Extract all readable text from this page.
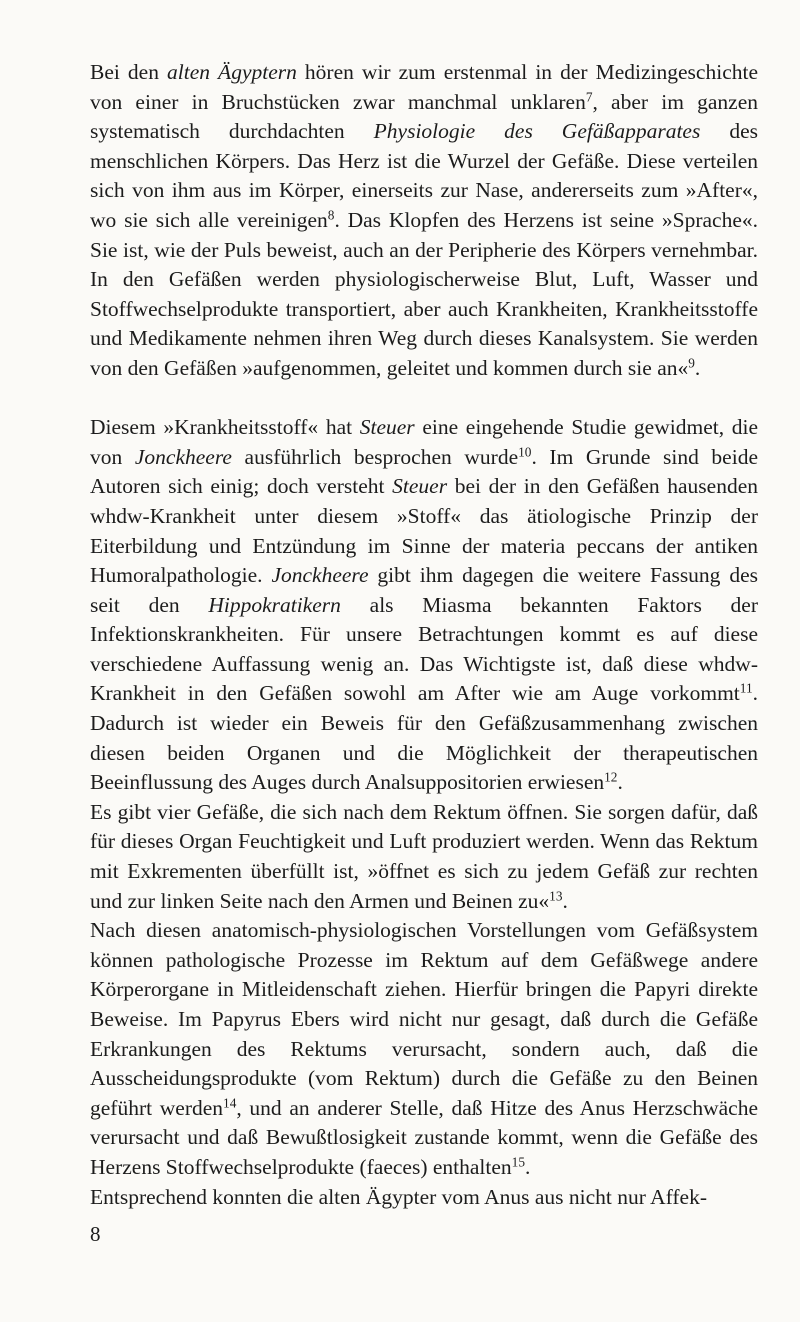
Bei den alten Ägyptern hören wir zum erstenmal in der Medizingeschichte von einer in Bruchstücken zwar manchmal unklaren$^7$, aber im ganzen systematisch durchdachten Physiologie des Gefäßapparates des menschlichen Körpers. Das Herz ist die Wurzel der Gefäße. Diese verteilen sich von ihm aus im Körper, einerseits zur Nase, andererseits zum »After«, wo sie sich alle vereinigen$^8$. Das Klopfen des Herzens ist seine »Sprache«. Sie ist, wie der Puls beweist, auch an der Peripherie des Körpers vernehmbar. In den Gefäßen werden physiologischerweise Blut, Luft, Wasser und Stoffwechselprodukte transportiert, aber auch Krankheiten, Krankheitsstoffe und Medikamente nehmen ihren Weg durch dieses Kanalsystem. Sie werden von den Gefäßen »aufgenommen, geleitet und kommen durch sie an«$^9$.

Diesem »Krankheitsstoff« hat Steuer eine eingehende Studie gewidmet, die von Jonckheere ausführlich besprochen wurde$^{10}$. Im Grunde sind beide Autoren sich einig; doch versteht Steuer bei der in den Gefäßen hausenden whdw-Krankheit unter diesem »Stoff« das ätiologische Prinzip der Eiterbildung und Entzündung im Sinne der materia peccans der antiken Humoralpathologie. Jonckheere gibt ihm dagegen die weitere Fassung des seit den Hippokratikern als Miasma bekannten Faktors der Infektionskrankheiten. Für unsere Betrachtungen kommt es auf diese verschiedene Auffassung wenig an. Das Wichtigste ist, daß diese whdw-Krankheit in den Gefäßen sowohl am After wie am Auge vorkommt$^{11}$. Dadurch ist wieder ein Beweis für den Gefäßzusammenhang zwischen diesen beiden Organen und die Möglichkeit der therapeutischen Beeinflussung des Auges durch Analsuppositorien erwiesen$^{12}$.

Es gibt vier Gefäße, die sich nach dem Rektum öffnen. Sie sorgen dafür, daß für dieses Organ Feuchtigkeit und Luft produziert werden. Wenn das Rektum mit Exkrementen überfüllt ist, »öffnet es sich zu jedem Gefäß zur rechten und zur linken Seite nach den Armen und Beinen zu«$^{13}$.

Nach diesen anatomisch-physiologischen Vorstellungen vom Gefäßsystem können pathologische Prozesse im Rektum auf dem Gefäßwege andere Körperorgane in Mitleidenschaft ziehen. Hierfür bringen die Papyri direkte Beweise. Im Papyrus Ebers wird nicht nur gesagt, daß durch die Gefäße Erkrankungen des Rektums verursacht, sondern auch, daß die Ausscheidungsprodukte (vom Rektum) durch die Gefäße zu den Beinen geführt werden$^{14}$, und an anderer Stelle, daß Hitze des Anus Herzschwäche verursacht und daß Bewußtlosigkeit zustande kommt, wenn die Gefäße des Herzens Stoffwechselprodukte (faeces) enthalten$^{15}$.

Entsprechend konnten die alten Ägypter vom Anus aus nicht nur Affek-

8
